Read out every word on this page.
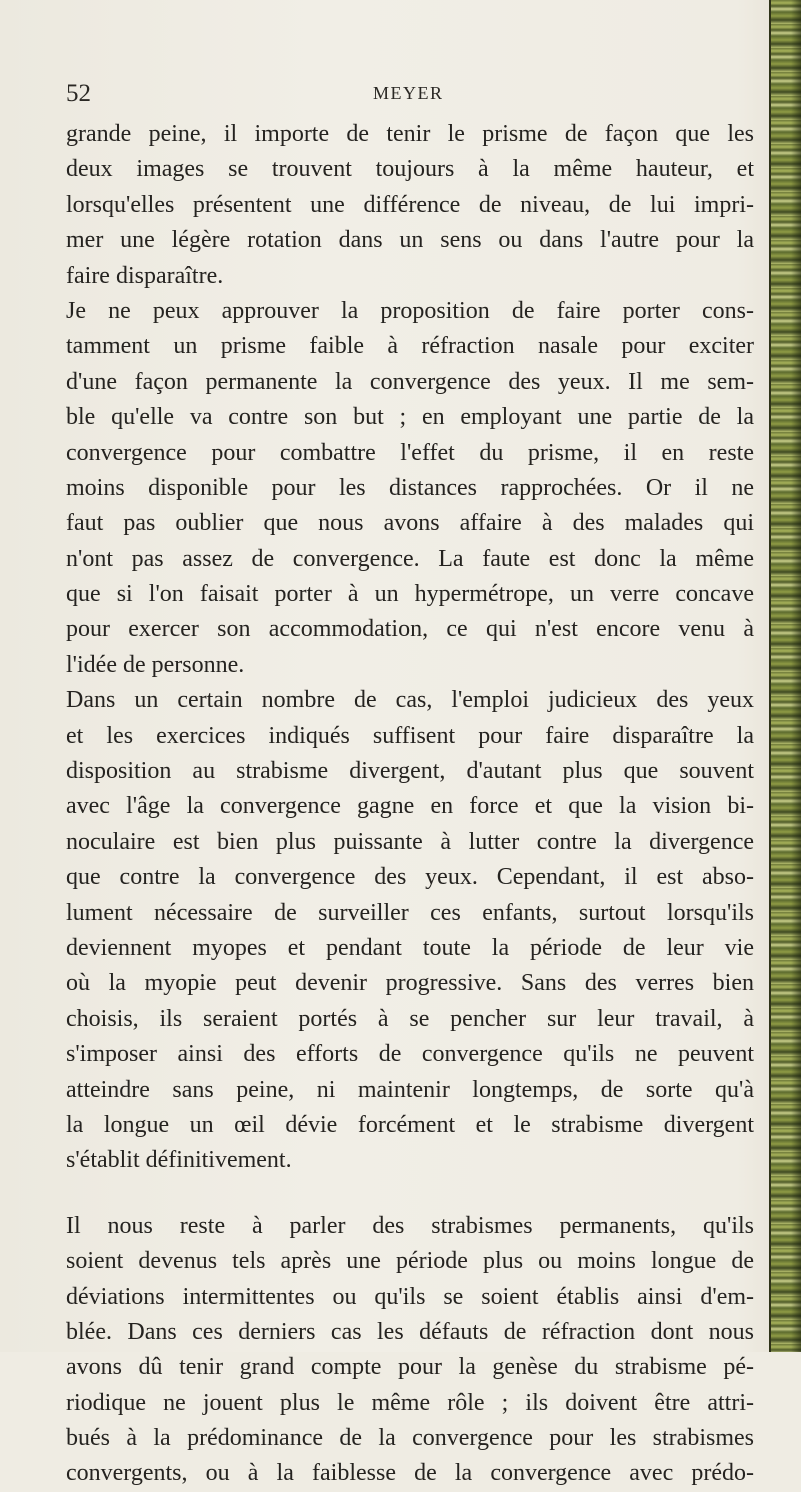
52	MEYER
grande peine, il importe de tenir le prisme de façon que les
deux images se trouvent toujours à la même hauteur, et
lorsqu'elles présentent une différence de niveau, de lui impri-
mer une légère rotation dans un sens ou dans l'autre pour la
faire disparaître.
Je ne peux approuver la proposition de faire porter cons-
tamment un prisme faible à réfraction nasale pour exciter
d'une façon permanente la convergence des yeux. Il me sem-
ble qu'elle va contre son but ; en employant une partie de la
convergence pour combattre l'effet du prisme, il en reste
moins disponible pour les distances rapprochées. Or il ne
faut pas oublier que nous avons affaire à des malades qui
n'ont pas assez de convergence. La faute est donc la même
que si l'on faisait porter à un hypermétrope, un verre concave
pour exercer son accommodation, ce qui n'est encore venu à
l'idée de personne.
Dans un certain nombre de cas, l'emploi judicieux des yeux
et les exercices indiqués suffisent pour faire disparaître la
disposition au strabisme divergent, d'autant plus que souvent
avec l'âge la convergence gagne en force et que la vision bi-
noculaire est bien plus puissante à lutter contre la divergence
que contre la convergence des yeux. Cependant, il est abso-
lument nécessaire de surveiller ces enfants, surtout lorsqu'ils
deviennent myopes et pendant toute la période de leur vie
où la myopie peut devenir progressive. Sans des verres bien
choisis, ils seraient portés à se pencher sur leur travail, à
s'imposer ainsi des efforts de convergence qu'ils ne peuvent
atteindre sans peine, ni maintenir longtemps, de sorte qu'à
la longue un œil dévie forcément et le strabisme divergent
s'établit définitivement.
Il nous reste à parler des strabismes permanents, qu'ils
soient devenus tels après une période plus ou moins longue de
déviations intermittentes ou qu'ils se soient établis ainsi d'em-
blée. Dans ces derniers cas les défauts de réfraction dont nous
avons dû tenir grand compte pour la genèse du strabisme pé-
riodique ne jouent plus le même rôle ; ils doivent être attri-
bués à la prédominance de la convergence pour les strabismes
convergents, ou à la faiblesse de la convergence avec prédo-
